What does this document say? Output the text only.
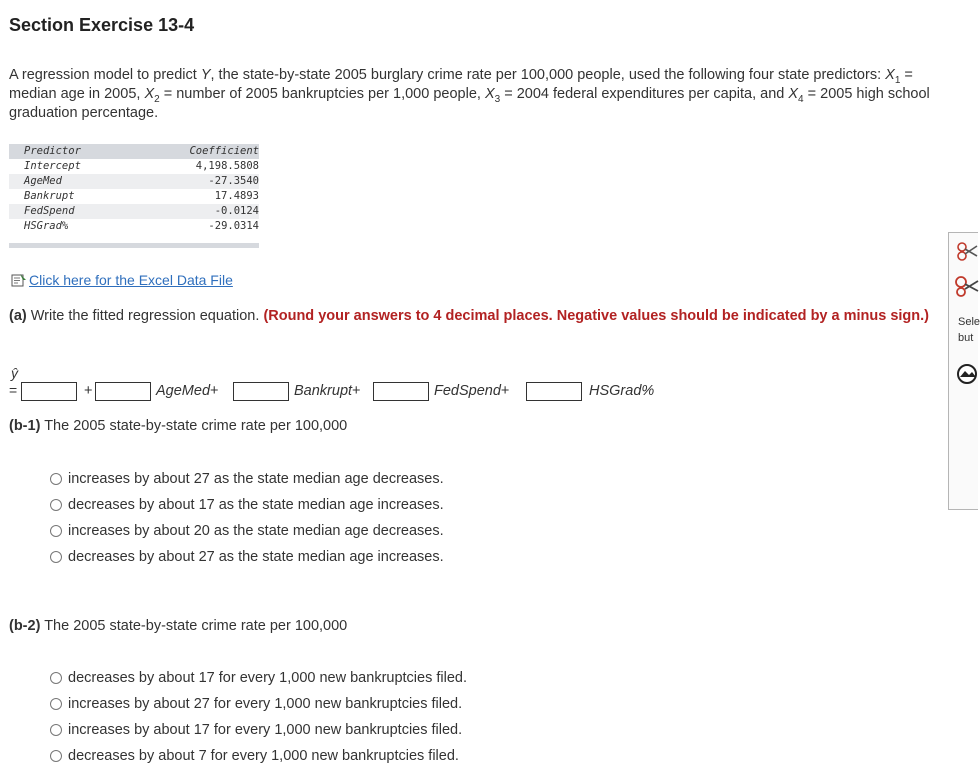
Section Exercise 13-4
A regression model to predict Y, the state-by-state 2005 burglary crime rate per 100,000 people, used the following four state predictors: $X_1$ = median age in 2005, $X_2$ = number of 2005 bankruptcies per 1,000 people, $X_3 = 2004$ federal expenditures per capita, and $X_4 = 2005$ high school graduation percentage.
Predictor	Coefficient
Intercept	4,198.5808
AgeMed	-27.3540
Bankrupt	17.4893
FedSpend	-0.0124
HSGrad%	-29.0314
Click here for the Excel Data File
(a) Write the fitted regression equation. (Round your answers to 4 decimal places. Negative values should be indicated by a minus sign.)
ŷ
=	+	AgeMed+	Bankrupt+	FedSpend+	HSGrad%
(b-1) The 2005 state-by-state crime rate per 100,000
increases by about 27 as the state median age decreases.
decreases by about 17 as the state median age increases.
increases by about 20 as the state median age decreases.
decreases by about 27 as the state median age increases.
(b-2) The 2005 state-by-state crime rate per 100,000
decreases by about 17 for every 1,000 new bankruptcies filed.
increases by about 27 for every 1,000 new bankruptcies filed.
increases by about 17 for every 1,000 new bankruptcies filed.
decreases by about 7 for every 1,000 new bankruptcies filed.
Sele
but
